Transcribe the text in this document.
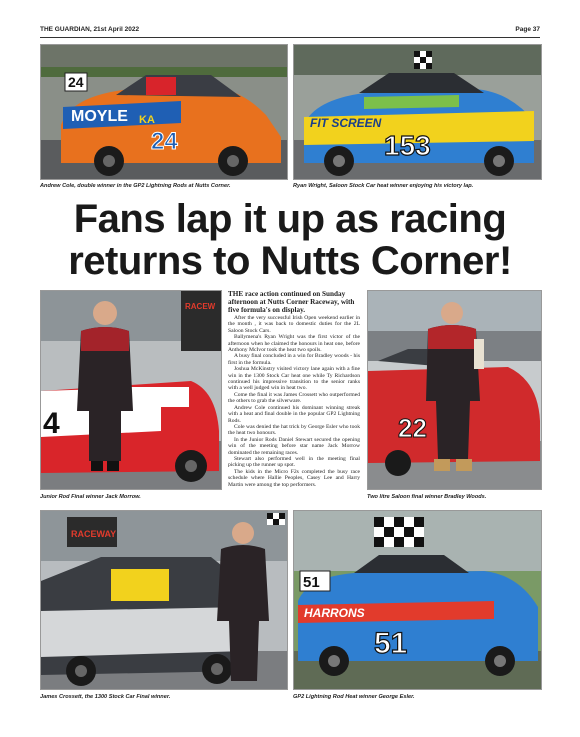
THE GUARDIAN, 21st April 2022	Page 37
MOYLE KA
24
24
Andrew Cole, double winner in the GP2 Lightning Rods at Nutts Corner.
FIT SCREEN
153
Ryan Wright, Saloon Stock Car heat winner enjoying his victory lap.
Fans lap it up as racing
returns to Nutts Corner!
RACEW
4
Junior Rod Final winner Jack Morrow.
THE race action continued on Sunday afternoon at Nutts Corner Raceway, with five formula's on display.

After the very successful Irish Open weekend earlier in the month , it was back to domestic duties for the 2L Saloon Stock Cars.

Ballymena's Ryan Wright was the first victor of the afternoon when he claimed the honours in heat one, before Anthony McIvor took the heat two spoils.

A busy final concluded in a win for Bradley woods - his first in the formula.

Joshua McKinstry visited victory lane again with a fine win in the 1300 Stock Car heat one while Ty Richardson continued his impressive transition to the senior ranks with a well judged win in heat two.

Come the final it was James Crossett who outperformed the others to grab the silverware.

Andrew Cole continued his dominant winning streak with a heat and final double in the popular GP2 Lightning Rods.

Cole was denied the hat trick by George Esler who took the heat two honours.

In the Junior Rods Daniel Stewart secured the opening win of the meeting before star name Jack Morrow dominated the remaining races.

Stewart also performed well in the meeting final picking up the runner up spot.

The kids in the Micro F2s completed the busy race schedule where Hallie Peoples, Casey Lee and Harry Martin were among the top performers.

22
Two litre Saloon final winner Bradley Woods.
RACEWAY
James Crossett, the 1300 Stock Car Final winner.
HARRONS
51
51
GP2 Lightning Rod Heat winner George Esler.
